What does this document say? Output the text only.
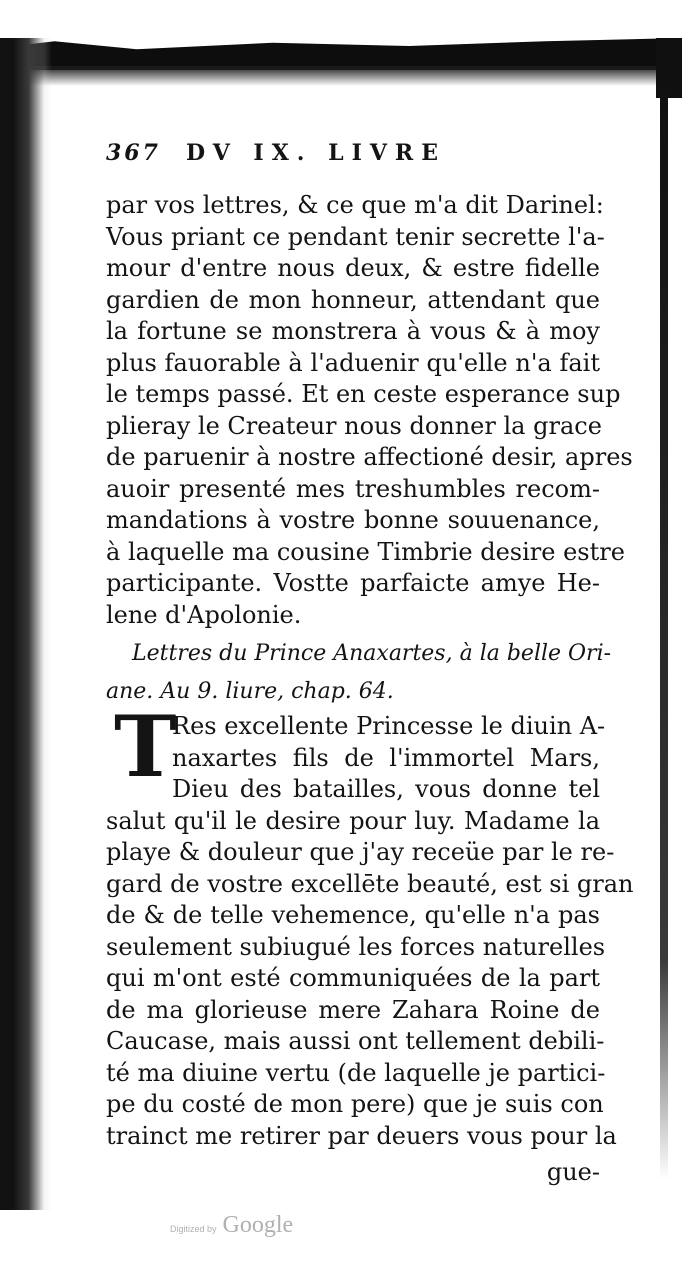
367	DV IX. LIVRE
par vos lettres, & ce que m'a dit Darinel:
Vous priant ce pendant tenir secrette l'a-
mour d'entre nous deux, & estre fidelle
gardien de mon honneur, attendant que
la fortune se monstrera à vous & à moy
plus fauorable à l'aduenir qu'elle n'a fait
le temps passé. Et en ceste esperance sup
plieray le Createur nous donner la grace
de paruenir à nostre affectioné desir, apres
auoir presenté mes treshumbles recom-
mandations à vostre bonne souuenance,
à laquelle ma cousine Timbrie desire estre
participante. Vostte parfaicte amye He-
lene d'Apolonie.
Lettres du Prince Anaxartes, à la belle Ori-
ane. Au 9. liure, chap. 64.
T
Res excellente Princesse le diuin A-
naxartes fils de l'immortel Mars,
Dieu des batailles, vous donne tel
salut qu'il le desire pour luy. Madame la
playe & douleur que j'ay receüe par le re-
gard de vostre excellēte beauté, est si gran
de & de telle vehemence, qu'elle n'a pas
seulement subiugué les forces naturelles
qui m'ont esté communiquées de la part
de ma glorieuse mere Zahara Roine de
Caucase, mais aussi ont tellement debili-
té ma diuine vertu (de laquelle je partici-
pe du costé de mon pere) que je suis con
trainct me retirer par deuers vous pour la
gue-
Digitized by Google
